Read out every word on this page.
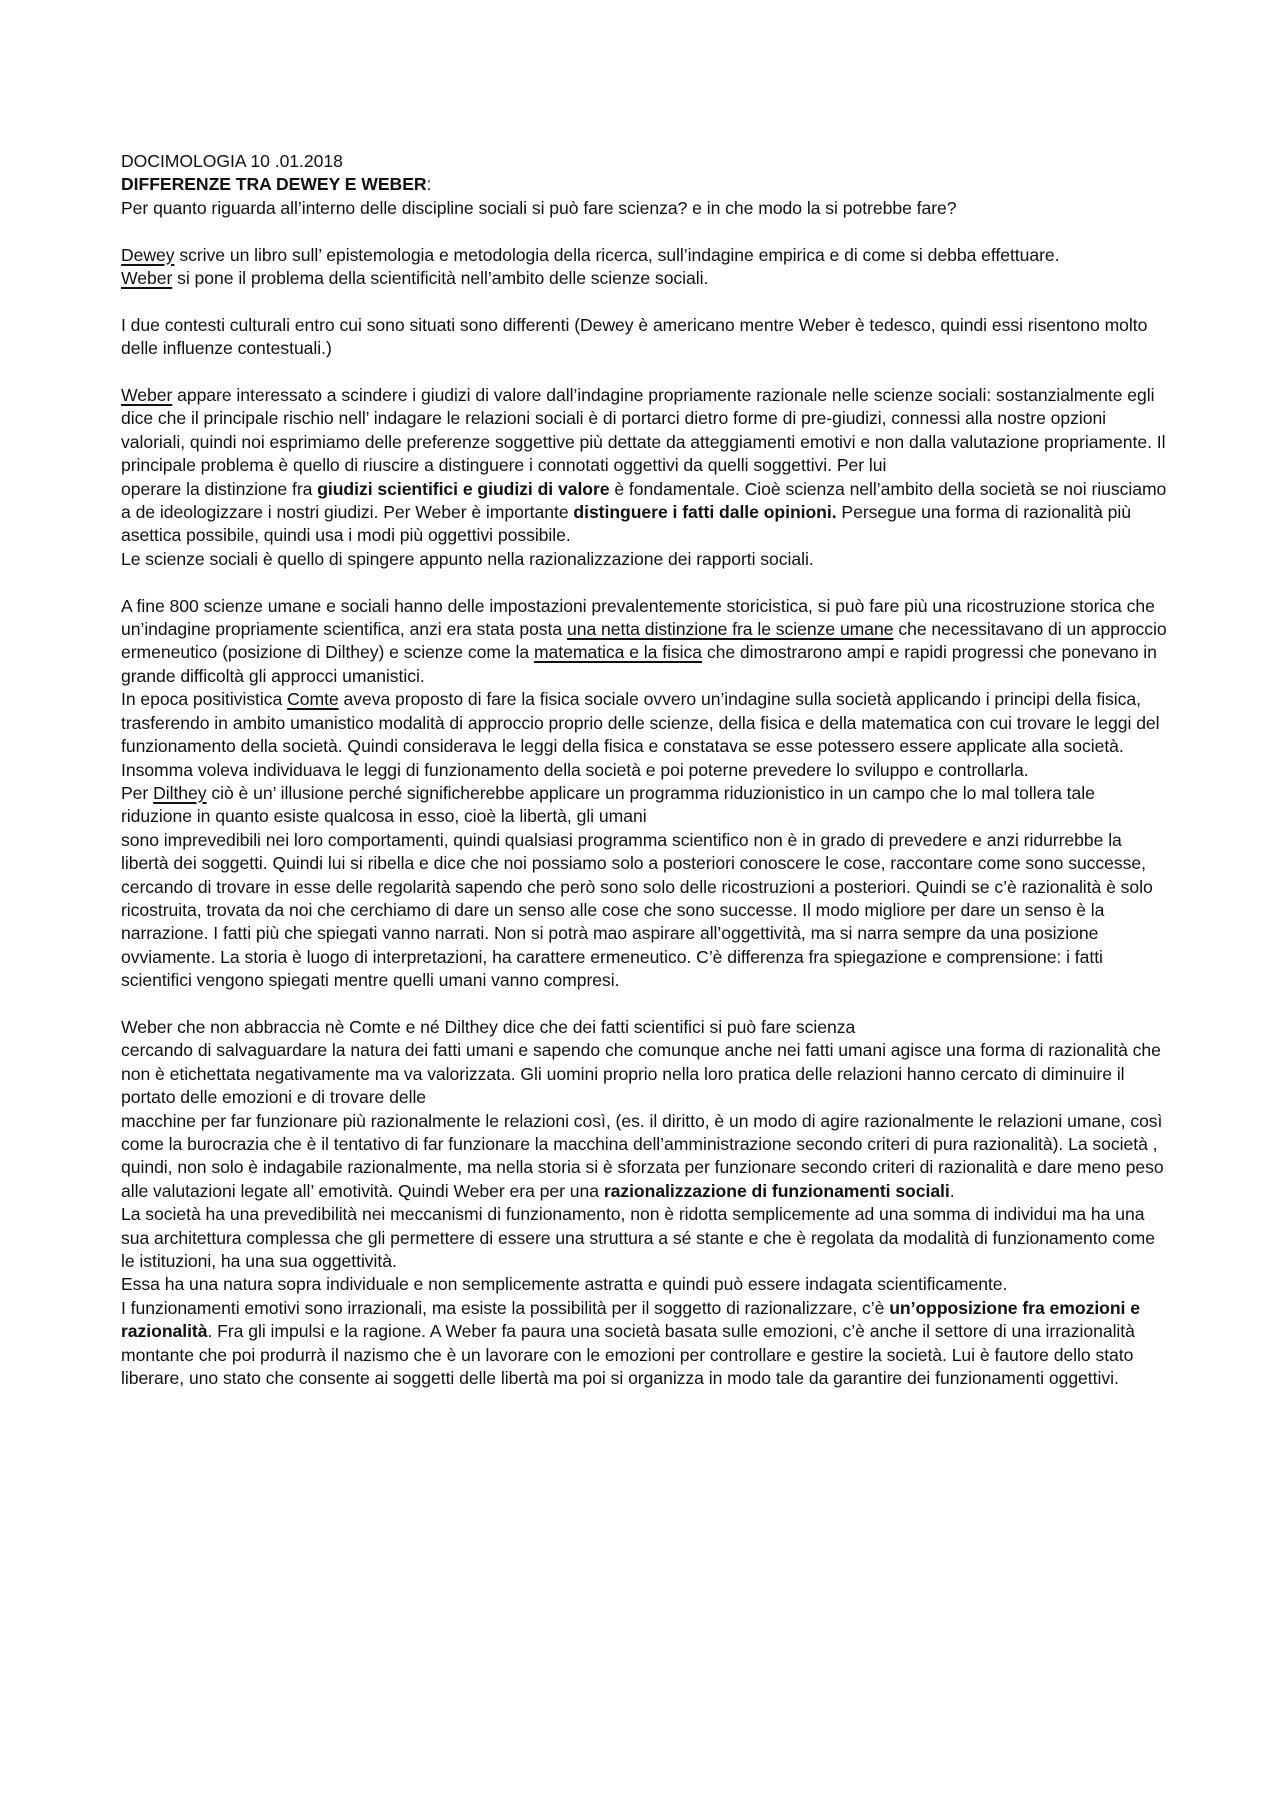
DOCIMOLOGIA 10 .01.2018

DIFFERENZE TRA DEWEY E WEBER:

Per quanto riguarda all’interno delle discipline sociali si può fare scienza? e in che modo la si potrebbe fare?

Dewey scrive un libro sull’ epistemologia e metodologia della ricerca, sull’indagine empirica e di come si debba effettuare.

Weber si pone il problema della scientificità nell’ambito delle scienze sociali.

I due contesti culturali entro cui sono situati sono differenti (Dewey è americano mentre Weber è tedesco, quindi essi risentono molto delle influenze contestuali.)

Weber appare interessato a scindere i giudizi di valore dall’indagine propriamente razionale nelle scienze sociali: sostanzialmente egli dice che il principale rischio nell’ indagare le relazioni sociali è di portarci dietro forme di pre-giudizi, connessi alla nostre opzioni valoriali, quindi noi esprimiamo delle preferenze soggettive più dettate da atteggiamenti emotivi e non dalla valutazione propriamente. Il principale problema è quello di riuscire a distinguere i connotati oggettivi da quelli soggettivi. Per lui

operare la distinzione fra giudizi scientifici e giudizi di valore è fondamentale. Cioè scienza nell’ambito della società se noi riusciamo a de ideologizzare i nostri giudizi. Per Weber è importante distinguere i fatti dalle opinioni. Persegue una forma di razionalità più asettica possibile, quindi usa i modi più oggettivi possibile.

Le scienze sociali è quello di spingere appunto nella razionalizzazione dei rapporti sociali.

A fine 800 scienze umane e sociali hanno delle impostazioni prevalentemente storicistica, si può fare più una ricostruzione storica che un’indagine propriamente scientifica, anzi era stata posta una netta distinzione fra le scienze umane che necessitavano di un approccio ermeneutico (posizione di Dilthey) e scienze come la matematica e la fisica che dimostrarono ampi e rapidi progressi che ponevano in grande difficoltà gli approcci umanistici.

In epoca positivistica Comte aveva proposto di fare la fisica sociale ovvero un’indagine sulla società applicando i principi della fisica, trasferendo in ambito umanistico modalità di approccio proprio delle scienze, della fisica e della matematica con cui trovare le leggi del funzionamento della società. Quindi considerava le leggi della fisica e constatava se esse potessero essere applicate alla società. Insomma voleva individuava le leggi di funzionamento della società e poi poterne prevedere lo sviluppo e controllarla.

Per Dilthey ciò è un’ illusione perché significherebbe applicare un programma riduzionistico in un campo che lo mal tollera tale riduzione in quanto esiste qualcosa in esso, cioè la libertà, gli umani

sono imprevedibili nei loro comportamenti, quindi qualsiasi programma scientifico non è in grado di prevedere e anzi ridurrebbe la libertà dei soggetti. Quindi lui si ribella e dice che noi possiamo solo a posteriori conoscere le cose, raccontare come sono successe, cercando di trovare in esse delle regolarità sapendo che però sono solo delle ricostruzioni a posteriori. Quindi se c’è razionalità è solo ricostruita, trovata da noi che cerchiamo di dare un senso alle cose che sono successe. Il modo migliore per dare un senso è la narrazione. I fatti più che spiegati vanno narrati. Non si potrà mao aspirare all’oggettività, ma si narra sempre da una posizione ovviamente. La storia è luogo di interpretazioni, ha carattere ermeneutico. C’è differenza fra spiegazione e comprensione: i fatti scientifici vengono spiegati mentre quelli umani vanno compresi.

Weber che non abbraccia nè Comte e né Dilthey dice che dei fatti scientifici si può fare scienza

cercando di salvaguardare la natura dei fatti umani e sapendo che comunque anche nei fatti umani agisce una forma di razionalità che non è etichettata negativamente ma va valorizzata. Gli uomini proprio nella loro pratica delle relazioni hanno cercato di diminuire il portato delle emozioni e di trovare delle

macchine per far funzionare più razionalmente le relazioni così, (es. il diritto, è un modo di agire razionalmente le relazioni umane, così come la burocrazia che è il tentativo di far funzionare la macchina dell’amministrazione secondo criteri di pura razionalità). La società , quindi, non solo è indagabile razionalmente, ma nella storia si è sforzata per funzionare secondo criteri di razionalità e dare meno peso alle valutazioni legate all’ emotività. Quindi Weber era per una razionalizzazione di funzionamenti sociali.

La società ha una prevedibilità nei meccanismi di funzionamento, non è ridotta semplicemente ad una somma di individui ma ha una sua architettura complessa che gli permettere di essere una struttura a sé stante e che è regolata da modalità di funzionamento come le istituzioni, ha una sua oggettività.

Essa ha una natura sopra individuale e non semplicemente astratta e quindi può essere indagata scientificamente.

I funzionamenti emotivi sono irrazionali, ma esiste la possibilità per il soggetto di razionalizzare, c’è un’opposizione fra emozioni e razionalità. Fra gli impulsi e la ragione. A Weber fa paura una società basata sulle emozioni, c’è anche il settore di una irrazionalità montante che poi produrrà il nazismo che è un lavorare con le emozioni per controllare e gestire la società. Lui è fautore dello stato liberare, uno stato che consente ai soggetti delle libertà ma poi si organizza in modo tale da garantire dei funzionamenti oggettivi.
